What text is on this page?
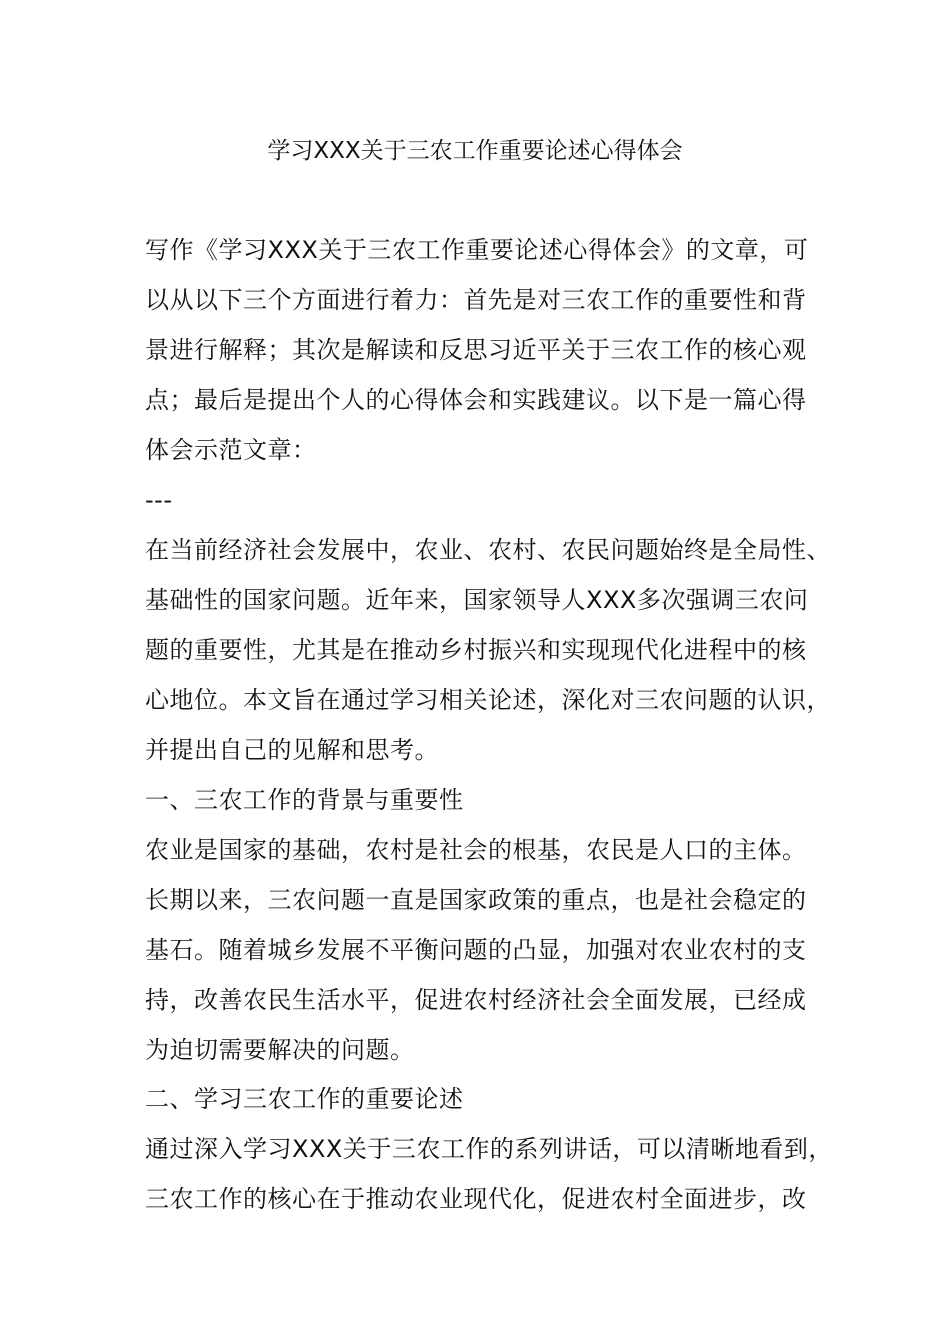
学习XXX关于三农工作重要论述心得体会
写作《学习XXX关于三农工作重要论述心得体会》的文章，可
以从以下三个方面进行着力：首先是对三农工作的重要性和背
景进行解释；其次是解读和反思习近平关于三农工作的核心观
点；最后是提出个人的心得体会和实践建议。以下是一篇心得
体会示范文章：
---
在当前经济社会发展中，农业、农村、农民问题始终是全局性、
基础性的国家问题。近年来，国家领导人XXX多次强调三农问
题的重要性，尤其是在推动乡村振兴和实现现代化进程中的核
心地位。本文旨在通过学习相关论述，深化对三农问题的认识，
并提出自己的见解和思考。
一、三农工作的背景与重要性
农业是国家的基础，农村是社会的根基，农民是人口的主体。
长期以来，三农问题一直是国家政策的重点，也是社会稳定的
基石。随着城乡发展不平衡问题的凸显，加强对农业农村的支
持，改善农民生活水平，促进农村经济社会全面发展，已经成
为迫切需要解决的问题。
二、学习三农工作的重要论述
通过深入学习XXX关于三农工作的系列讲话，可以清晰地看到，
三农工作的核心在于推动农业现代化，促进农村全面进步，改
